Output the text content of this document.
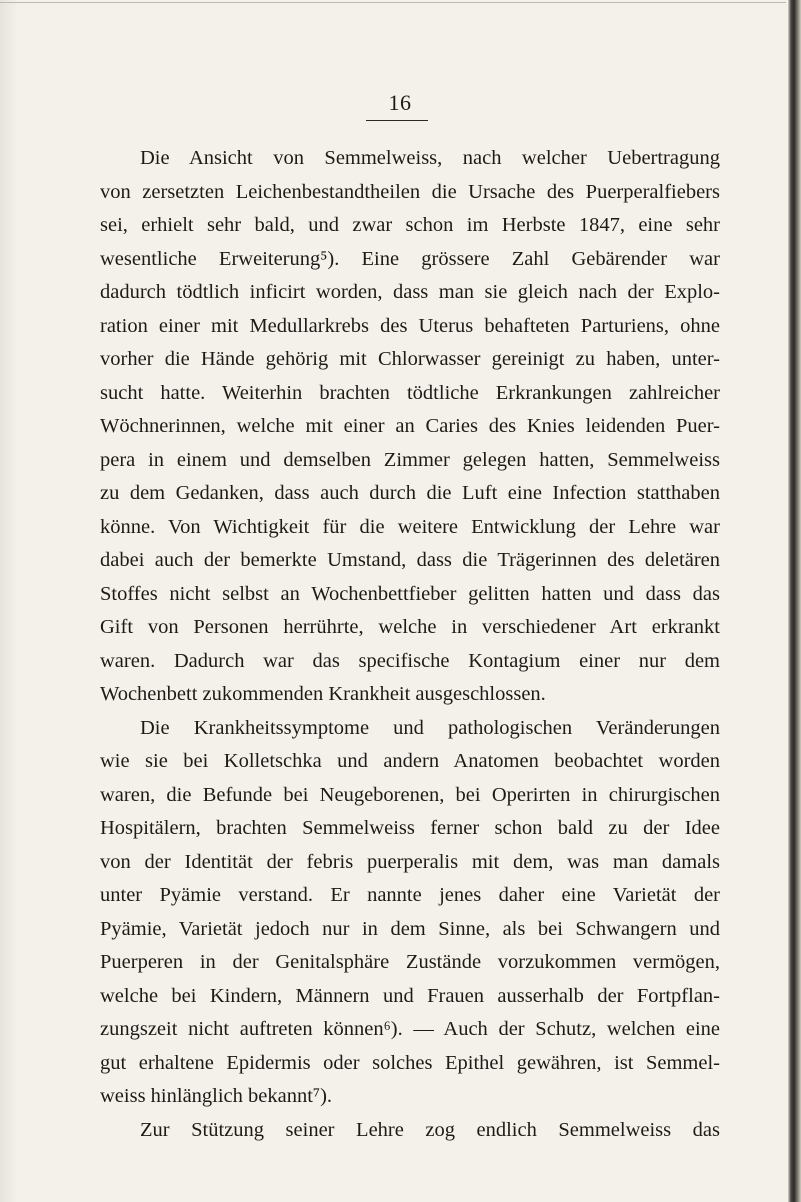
16
Die Ansicht von Semmelweiss, nach welcher Uebertragung
von zersetzten Leichenbestandtheilen die Ursache des Puerperalfiebers
sei, erhielt sehr bald, und zwar schon im Herbste 1847, eine sehr
wesentliche Erweiterung⁵). Eine grössere Zahl Gebärender war
dadurch tödtlich inficirt worden, dass man sie gleich nach der Explo-
ration einer mit Medullarkrebs des Uterus behafteten Parturiens, ohne
vorher die Hände gehörig mit Chlorwasser gereinigt zu haben, unter-
sucht hatte. Weiterhin brachten tödtliche Erkrankungen zahlreicher
Wöchnerinnen, welche mit einer an Caries des Knies leidenden Puer-
pera in einem und demselben Zimmer gelegen hatten, Semmelweiss
zu dem Gedanken, dass auch durch die Luft eine Infection statthaben
könne. Von Wichtigkeit für die weitere Entwicklung der Lehre war
dabei auch der bemerkte Umstand, dass die Trägerinnen des deletären
Stoffes nicht selbst an Wochenbettfieber gelitten hatten und dass das
Gift von Personen herrührte, welche in verschiedener Art erkrankt
waren. Dadurch war das specifische Kontagium einer nur dem
Wochenbett zukommenden Krankheit ausgeschlossen.
Die Krankheitssymptome und pathologischen Veränderungen
wie sie bei Kolletschka und andern Anatomen beobachtet worden
waren, die Befunde bei Neugeborenen, bei Operirten in chirurgischen
Hospitälern, brachten Semmelweiss ferner schon bald zu der Idee
von der Identität der febris puerperalis mit dem, was man damals
unter Pyämie verstand. Er nannte jenes daher eine Varietät der
Pyämie, Varietät jedoch nur in dem Sinne, als bei Schwangern und
Puerperen in der Genitalsphäre Zustände vorzukommen vermögen,
welche bei Kindern, Männern und Frauen ausserhalb der Fortpflan-
zungszeit nicht auftreten können⁶). — Auch der Schutz, welchen eine
gut erhaltene Epidermis oder solches Epithel gewähren, ist Semmel-
weiss hinlänglich bekannt⁷).
Zur Stützung seiner Lehre zog endlich Semmelweiss das
